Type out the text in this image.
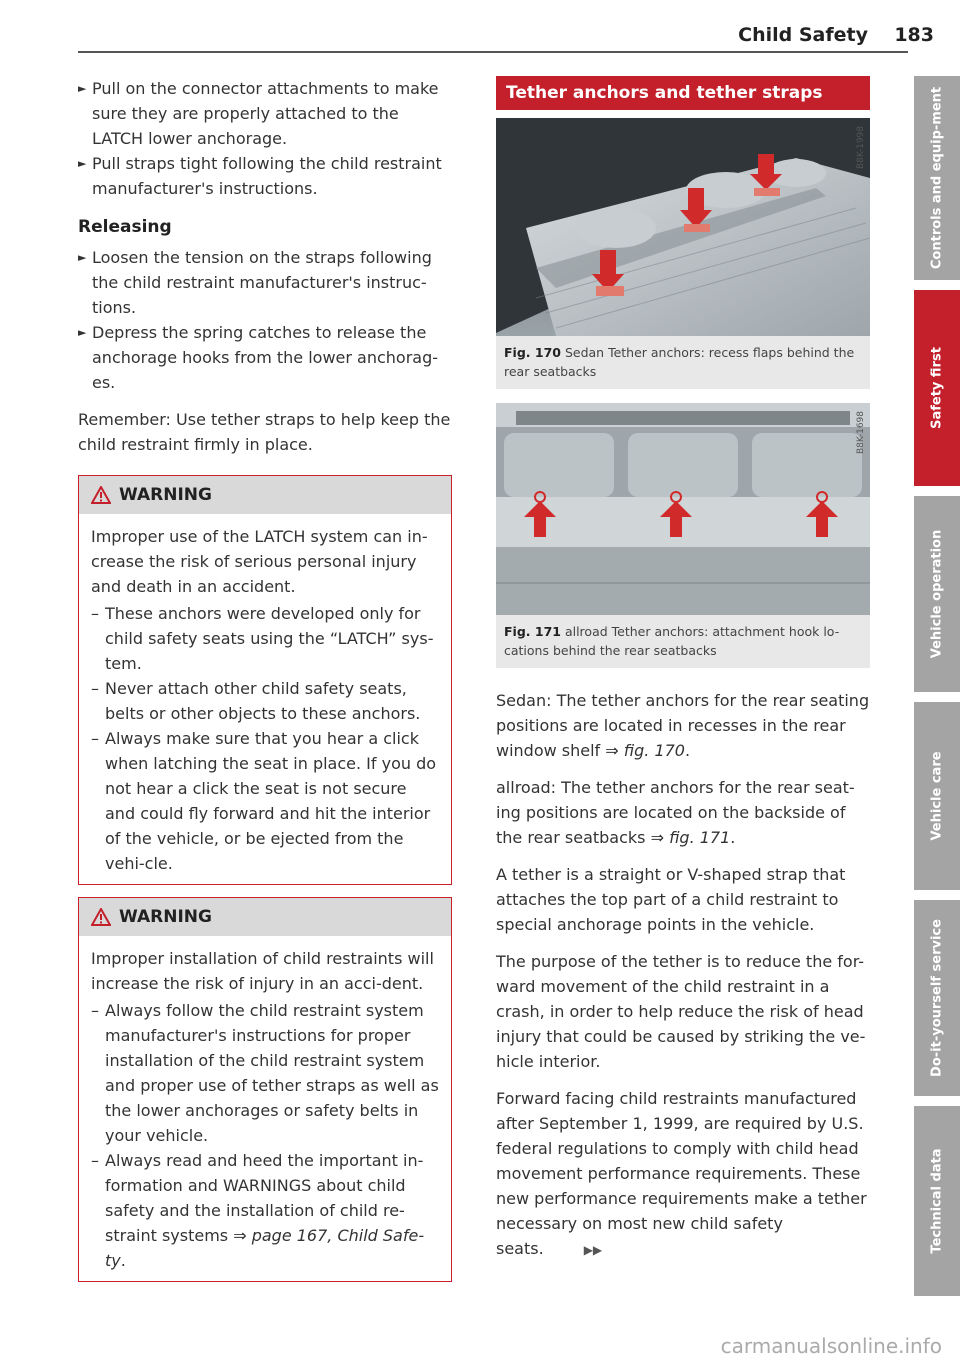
Child Safety 183
► Pull on the connector attachments to make sure they are properly attached to the LATCH lower anchorage.
► Pull straps tight following the child restraint manufacturer's instructions.
Releasing
► Loosen the tension on the straps following the child restraint manufacturer's instruc-tions.
► Depress the spring catches to release the anchorage hooks from the lower anchorag-es.

Remember: Use tether straps to help keep the child restraint firmly in place.

WARNING

Improper use of the LATCH system can in-crease the risk of serious personal injury and death in an accident.

– These anchors were developed only for child safety seats using the “LATCH” sys-tem.
– Never attach other child safety seats, belts or other objects to these anchors.
– Always make sure that you hear a click when latching the seat in place. If you do not hear a click the seat is not secure and could fly forward and hit the interior of the vehicle, or be ejected from the vehi-cle.
WARNING

Improper installation of child restraints will increase the risk of injury in an acci-dent.

– Always follow the child restraint system manufacturer's instructions for proper installation of the child restraint system and proper use of tether straps as well as the lower anchorages or safety belts in your vehicle.
– Always read and heed the important in-formation and WARNINGS about child safety and the installation of child re-straint systems ⇒ page 167, Child Safe-ty.
Tether anchors and tether straps
B8K-1998
Fig. 170 Sedan Tether anchors: recess flaps behind the rear seatbacks
B8K-1698
Fig. 171 allroad Tether anchors: attachment hook lo-cations behind the rear seatbacks

Sedan: The tether anchors for the rear seating positions are located in recesses in the rear window shelf ⇒ fig. 170.

allroad: The tether anchors for the rear seat-ing positions are located on the backside of the rear seatbacks ⇒ fig. 171.

A tether is a straight or V-shaped strap that attaches the top part of a child restraint to special anchorage points in the vehicle.

The purpose of the tether is to reduce the for-ward movement of the child restraint in a crash, in order to help reduce the risk of head injury that could be caused by striking the ve-hicle interior.

Forward facing child restraints manufactured after September 1, 1999, are required by U.S. federal regulations to comply with child head movement performance requirements. These new performance requirements make a tether necessary on most new child safety seats.	▶▶

Controls and equip-ment
Safety first
Vehicle operation
Vehicle care
Do-it-yourself service
Technical data
carmanualsonline.info
